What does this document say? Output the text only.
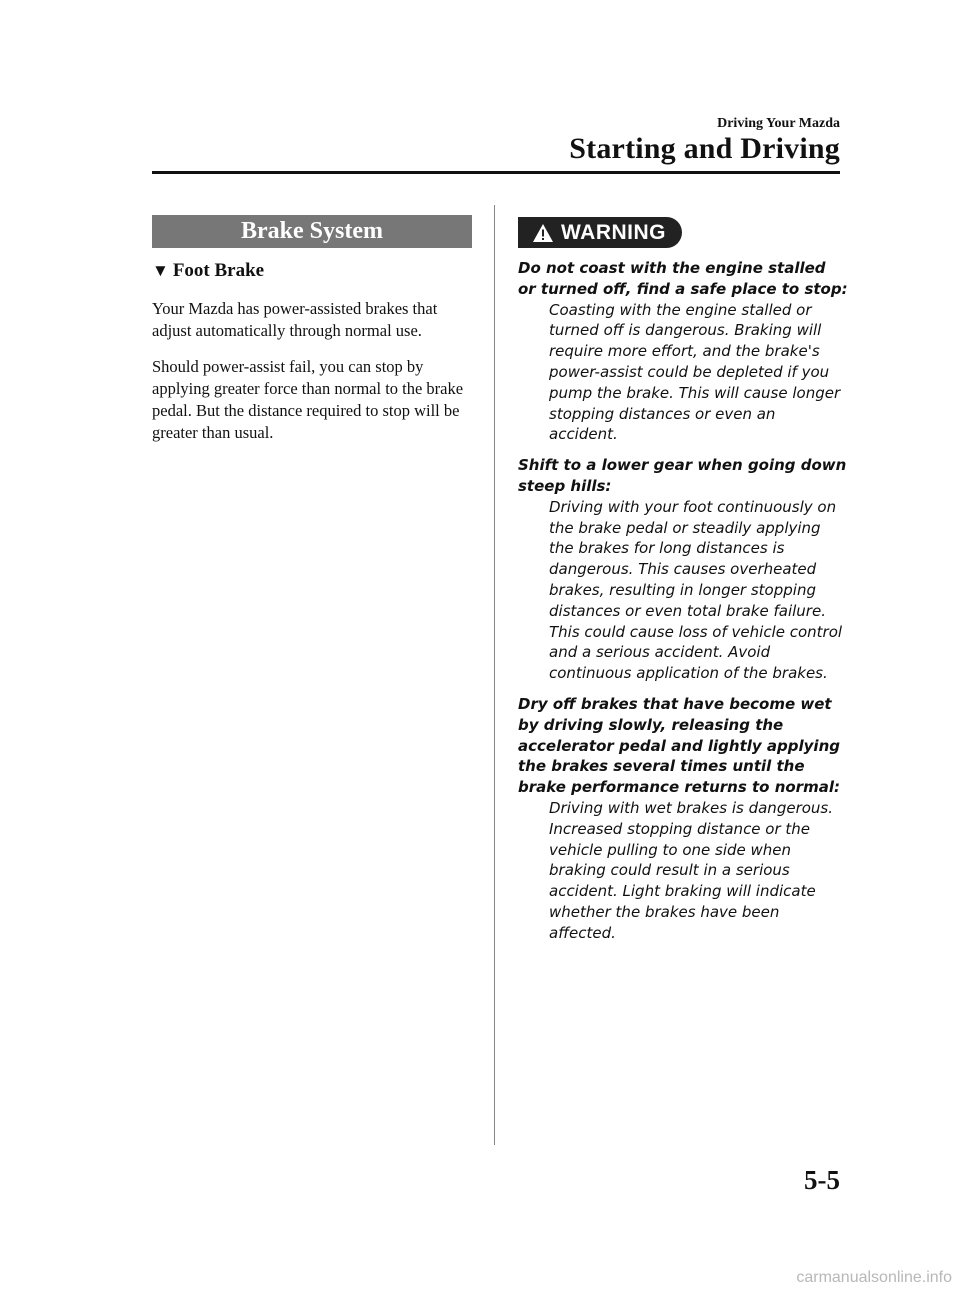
Driving Your Mazda
Starting and Driving
Brake System
▼ Foot Brake

Your Mazda has power-assisted brakes that adjust automatically through normal use.

Should power-assist fail, you can stop by applying greater force than normal to the brake pedal. But the distance required to stop will be greater than usual.

WARNING
Do not coast with the engine stalled or turned off, find a safe place to stop:
Coasting with the engine stalled or turned off is dangerous. Braking will require more effort, and the brake's power-assist could be depleted if you pump the brake. This will cause longer stopping distances or even an accident.
Shift to a lower gear when going down steep hills:
Driving with your foot continuously on the brake pedal or steadily applying the brakes for long distances is dangerous. This causes overheated brakes, resulting in longer stopping distances or even total brake failure. This could cause loss of vehicle control and a serious accident. Avoid continuous application of the brakes.
Dry off brakes that have become wet by driving slowly, releasing the accelerator pedal and lightly applying the brakes several times until the brake performance returns to normal:
Driving with wet brakes is dangerous. Increased stopping distance or the vehicle pulling to one side when braking could result in a serious accident. Light braking will indicate whether the brakes have been affected.
5-5
carmanualsonline.info
